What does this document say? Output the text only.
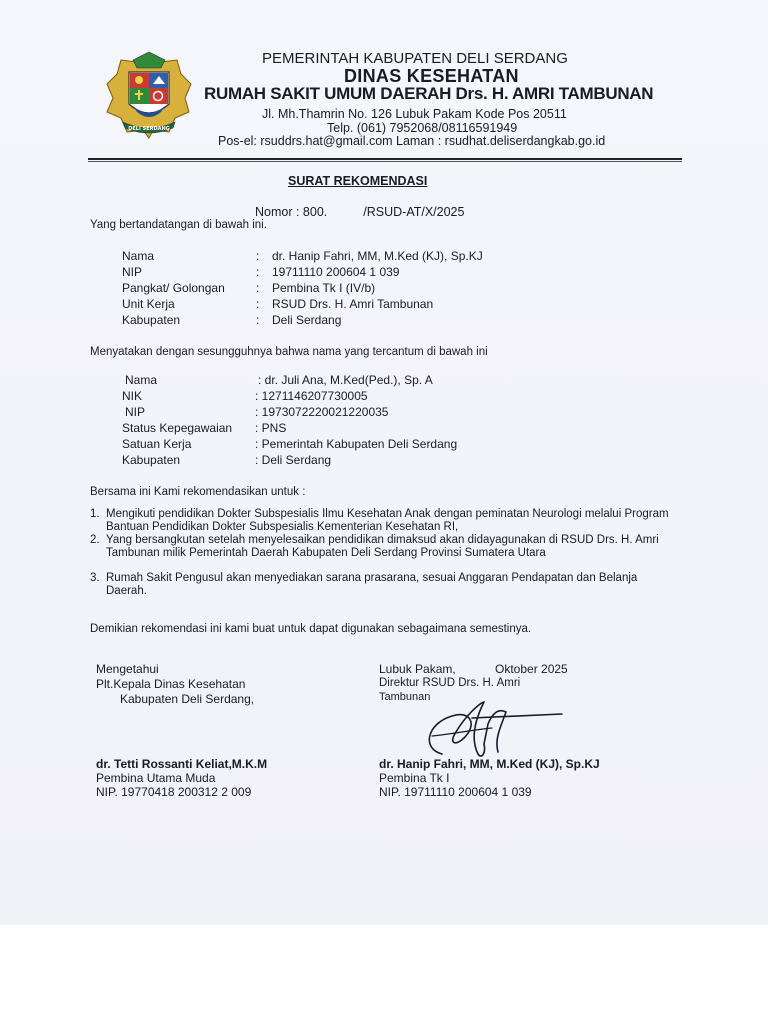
DELI SERDANG
PEMERINTAH KABUPATEN DELI SERDANG
DINAS KESEHATAN
RUMAH SAKIT UMUM DAERAH Drs. H. AMRI TAMBUNAN
Jl. Mh.Thamrin No. 126 Lubuk Pakam Kode Pos 20511
Telp. (061) 7952068/08116591949
Pos-el: rsuddrs.hat@gmail.com Laman : rsudhat.deliserdangkab.go.id
SURAT REKOMENDASI
Nomor : 800.	/RSUD-AT/X/2025
Yang bertandatangan di bawah ini.
Nama	: dr. Hanip Fahri, MM, M.Ked (KJ), Sp.KJ
NIP	: 19711110 200604 1 039
Pangkat/ Golongan	: Pembina Tk I (IV/b)
Unit Kerja	: RSUD Drs. H. Amri Tambunan
Kabupaten	: Deli Serdang
Menyatakan dengan sesungguhnya bahwa nama yang tercantum di bawah ini
Nama	: dr. Juli Ana, M.Ked(Ped.), Sp. A
NIK	: 1271146207730005
NIP	: 197307222002122003​5
Status Kepegawaian : PNS
Satuan Kerja	: Pemerintah Kabupaten Deli Serdang
Kabupaten	: Deli Serdang
Bersama ini Kami rekomendasikan untuk :
1. Mengikuti pendidikan Dokter Subspesialis Ilmu Kesehatan Anak dengan peminatan Neurologi melalui Program Bantuan Pendidikan Dokter Subspesialis Kementerian Kesehatan RI,
2. Yang bersangkutan setelah menyelesaikan pendidikan dimaksud akan didayagunakan di RSUD Drs. H. Amri Tambunan milik Pemerintah Daerah Kabupaten Deli Serdang Provinsi Sumatera Utara
3. Rumah Sakit Pengusul akan menyediakan sarana prasarana, sesuai Anggaran Pendapatan dan Belanja Daerah.
Demikian rekomendasi ini kami buat untuk dapat digunakan sebagaimana semestinya.
Mengetahui
Plt.Kepala Dinas Kesehatan
Kabupaten Deli Serdang,
dr. Tetti Rossanti Keliat,M.K.M
Pembina Utama Muda
NIP. 19770418 200312 2 009
Lubuk Pakam,	Oktober 2025
Direktur RSUD Drs. H. Amri
Tambunan
dr. Hanip Fahri, MM, M.Ked (KJ), Sp.KJ
Pembina Tk I
NIP. 19711110 200604 1 039
